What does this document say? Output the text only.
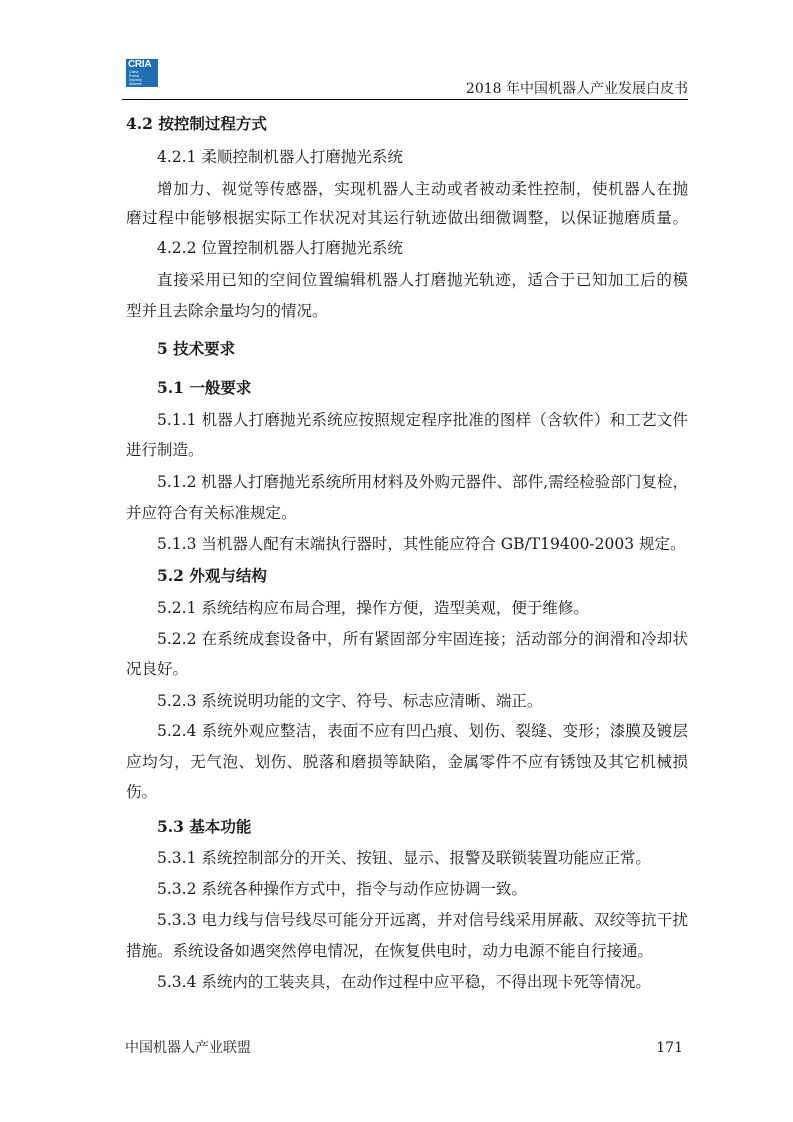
CRIA
China
Robot
Industry
Alliance	2018 年中国机器人产业发展白皮书
4.2 按控制过程方式
4.2.1 柔顺控制机器人打磨抛光系统
增加力、视觉等传感器，实现机器人主动或者被动柔性控制，使机器人在抛
磨过程中能够根据实际工作状况对其运行轨迹做出细微调整，以保证抛磨质量。
4.2.2 位置控制机器人打磨抛光系统
直接采用已知的空间位置编辑机器人打磨抛光轨迹，适合于已知加工后的模
型并且去除余量均匀的情况。
5 技术要求
5.1 一般要求
5.1.1 机器人打磨抛光系统应按照规定程序批准的图样（含软件）和工艺文件
进行制造。
5.1.2 机器人打磨抛光系统所用材料及外购元器件、部件,需经检验部门复检，
并应符合有关标准规定。
5.1.3 当机器人配有末端执行器时，其性能应符合 GB/T19400-2003 规定。
5.2 外观与结构
5.2.1 系统结构应布局合理，操作方便，造型美观，便于维修。
5.2.2 在系统成套设备中，所有紧固部分牢固连接；活动部分的润滑和冷却状
况良好。
5.2.3 系统说明功能的文字、符号、标志应清晰、端正。
5.2.4 系统外观应整洁，表面不应有凹凸痕、划伤、裂缝、变形；漆膜及镀层
应均匀，无气泡、划伤、脱落和磨损等缺陷，金属零件不应有锈蚀及其它机械损
伤。
5.3 基本功能
5.3.1 系统控制部分的开关、按钮、显示、报警及联锁装置功能应正常。
5.3.2 系统各种操作方式中，指令与动作应协调一致。
5.3.3 电力线与信号线尽可能分开远离，并对信号线采用屏蔽、双绞等抗干扰
措施。系统设备如遇突然停电情况，在恢复供电时，动力电源不能自行接通。
5.3.4 系统内的工装夹具，在动作过程中应平稳，不得出现卡死等情况。
中国机器人产业联盟	171
